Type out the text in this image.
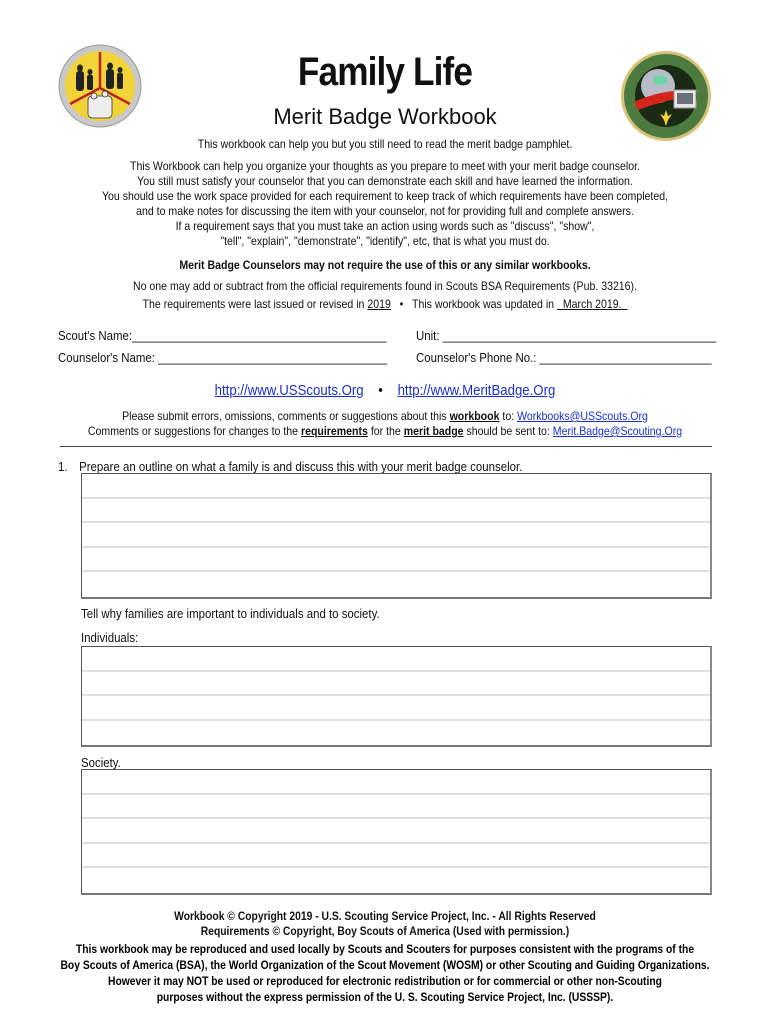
Family Life
Merit Badge Workbook
This workbook can help you but you still need to read the merit badge pamphlet.
This Workbook can help you organize your thoughts as you prepare to meet with your merit badge counselor.
You still must satisfy your counselor that you can demonstrate each skill and have learned the information.
You should use the work space provided for each requirement to keep track of which requirements have been completed,
and to make notes for discussing the item with your counselor, not for providing full and complete answers.
If a requirement says that you must take an action using words such as "discuss", "show",
"tell", "explain", "demonstrate", "identify", etc, that is what you must do.
Merit Badge Counselors may not require the use of this or any similar workbooks.
No one may add or subtract from the official requirements found in Scouts BSA Requirements (Pub. 33216).
The requirements were last issued or revised in 2019 • This workbook was updated in   March 2019.
Scout's Name:________________________________________ Unit: ___________________________________________
Counselor's Name: ____________________________________ Counselor's Phone No.: ___________________________
http://www.USScouts.Org • http://www.MeritBadge.Org
Please submit errors, omissions, comments or suggestions about this workbook to: Workbooks@USScouts.Org
Comments or suggestions for changes to the requirements for the merit badge should be sent to: Merit.Badge@Scouting.Org
1. Prepare an outline on what a family is and discuss this with your merit badge counselor.
Tell why families are important to individuals and to society.
Individuals:
Society.
Workbook © Copyright 2019 - U.S. Scouting Service Project, Inc. - All Rights Reserved
Requirements © Copyright, Boy Scouts of America (Used with permission.)
This workbook may be reproduced and used locally by Scouts and Scouters for purposes consistent with the programs of the
Boy Scouts of America (BSA), the World Organization of the Scout Movement (WOSM) or other Scouting and Guiding Organizations.
However it may NOT be used or reproduced for electronic redistribution or for commercial or other non-Scouting
purposes without the express permission of the U. S. Scouting Service Project, Inc. (USSSP).
